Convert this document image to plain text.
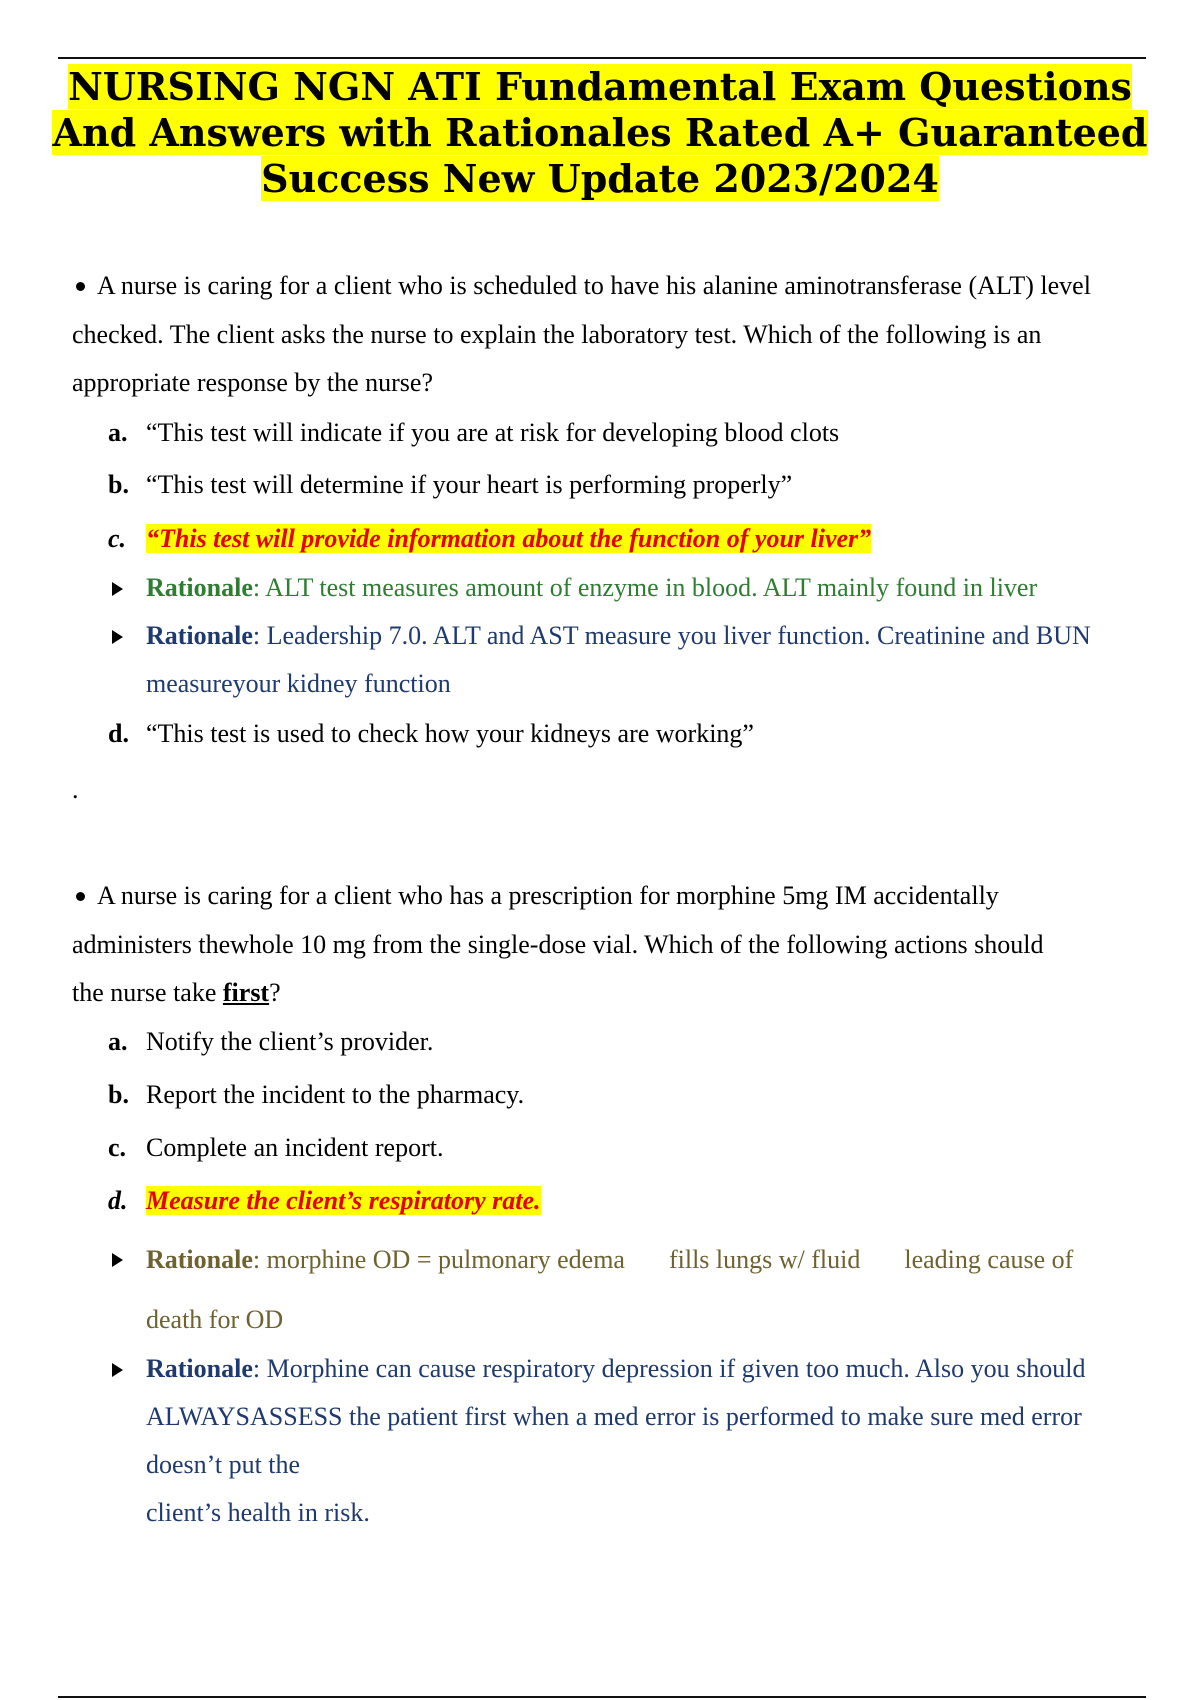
NURSING NGN ATI Fundamental Exam Questions And Answers with Rationales Rated A+ Guaranteed Success New Update 2023/2024

A nurse is caring for a client who is scheduled to have his alanine aminotransferase (ALT) level checked. The client asks the nurse to explain the laboratory test. Which of the following is an appropriate response by the nurse?

a. “This test will indicate if you are at risk for developing blood clots
b. “This test will determine if your heart is performing properly”
c. “This test will provide information about the function of your liver”
Rationale: ALT test measures amount of enzyme in blood. ALT mainly found in liver
Rationale: Leadership 7.0. ALT and AST measure you liver function. Creatinine and BUN measureyour kidney function
d. “This test is used to check how your kidneys are working”
.

A nurse is caring for a client who has a prescription for morphine 5mg IM accidentally administers thewhole 10 mg from the single-dose vial. Which of the following actions should the nurse take first?

a. Notify the client’s provider.
b. Report the incident to the pharmacy.
c. Complete an incident report.
d. Measure the client’s respiratory rate.
Rationale: morphine OD = pulmonary edema fills lungs w/ fluid leading cause of
death for OD
Rationale: Morphine can cause respiratory depression if given too much. Also you should ALWAYSASSESS the patient first when a med error is performed to make sure med error doesn’t put the
client’s health in risk.
